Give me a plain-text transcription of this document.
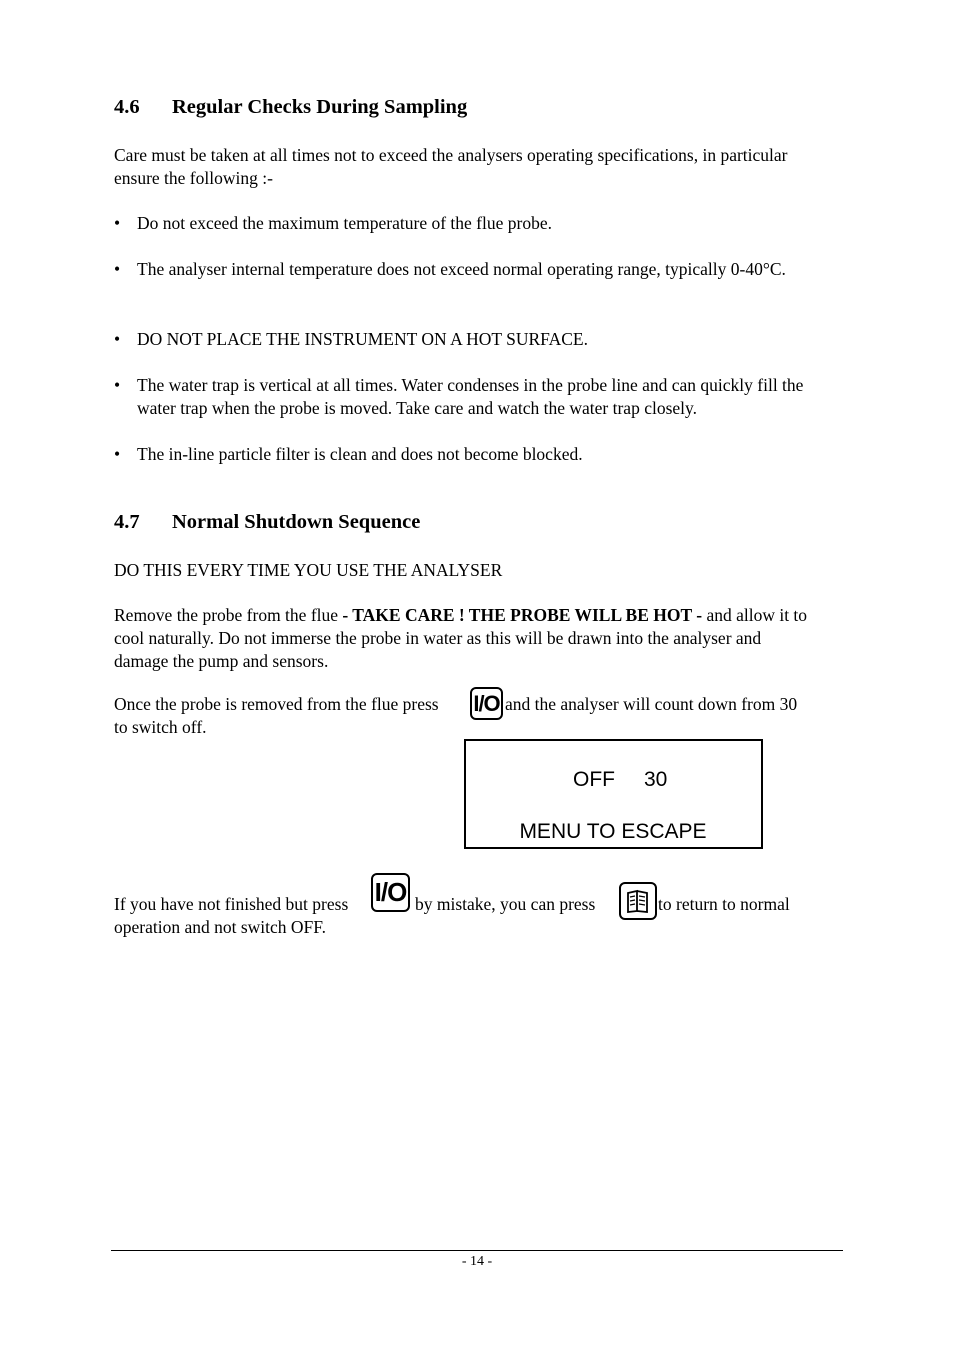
4.6 Regular Checks During Sampling
Care must be taken at all times not to exceed the analysers operating specifications, in particular ensure the following :-
• Do not exceed the maximum temperature of the flue probe.
• The analyser internal temperature does not exceed normal operating range, typically 0-40°C.
• DO NOT PLACE THE INSTRUMENT ON A HOT SURFACE.
• The water trap is vertical at all times. Water condenses in the probe line and can quickly fill the water trap when the probe is moved. Take care and watch the water trap closely.
• The in-line particle filter is clean and does not become blocked.
4.7 Normal Shutdown Sequence
DO THIS EVERY TIME YOU USE THE ANALYSER
Remove the probe from the flue - TAKE CARE ! THE PROBE WILL BE HOT - and allow it to cool naturally. Do not immerse the probe in water as this will be drawn into the analyser and damage the pump and sensors.
Once the probe is removed from the flue press I/O and the analyser will count down from 30
to switch off.
OFF 30
MENU TO ESCAPE
If you have not finished but press I/O by mistake, you can press	to return to normal
operation and not switch OFF.
- 14 -
